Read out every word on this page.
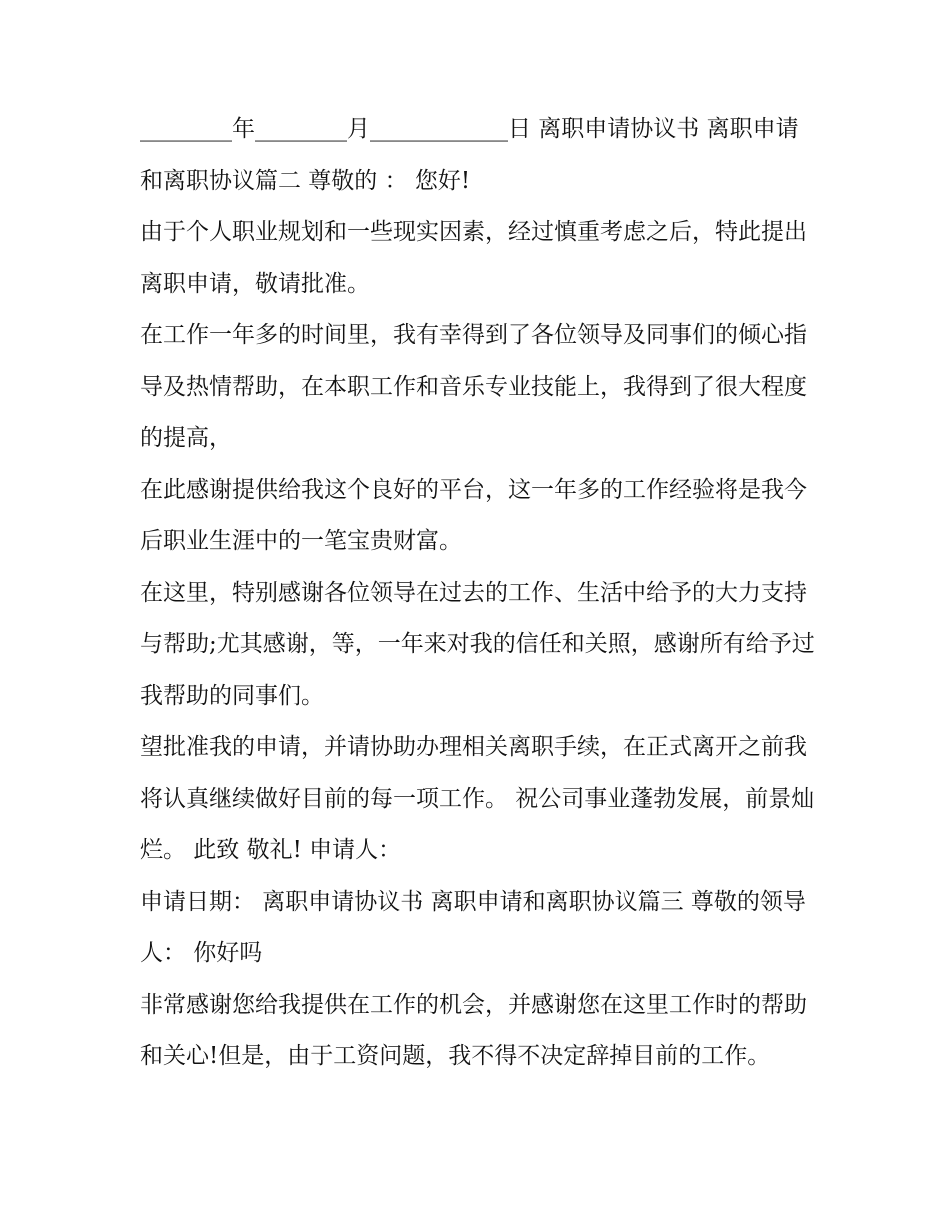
________年________月____________日 离职申请协议书 离职申请和离职协议篇二 尊敬的 ： 您好!

由于个人职业规划和一些现实因素，经过慎重考虑之后，特此提出离职申请，敬请批准。

在工作一年多的时间里，我有幸得到了各位领导及同事们的倾心指导及热情帮助，在本职工作和音乐专业技能上，我得到了很大程度的提高，

在此感谢提供给我这个良好的平台，这一年多的工作经验将是我今后职业生涯中的一笔宝贵财富。

在这里，特别感谢各位领导在过去的工作、生活中给予的大力支持与帮助;尤其感谢，等，一年来对我的信任和关照，感谢所有给予过我帮助的同事们。

望批准我的申请，并请协助办理相关离职手续，在正式离开之前我将认真继续做好目前的每一项工作。 祝公司事业蓬勃发展，前景灿烂。 此致 敬礼! 申请人：

申请日期： 离职申请协议书 离职申请和离职协议篇三 尊敬的领导人： 你好吗

非常感谢您给我提供在工作的机会，并感谢您在这里工作时的帮助和关心!但是，由于工资问题，我不得不决定辞掉目前的工作。
